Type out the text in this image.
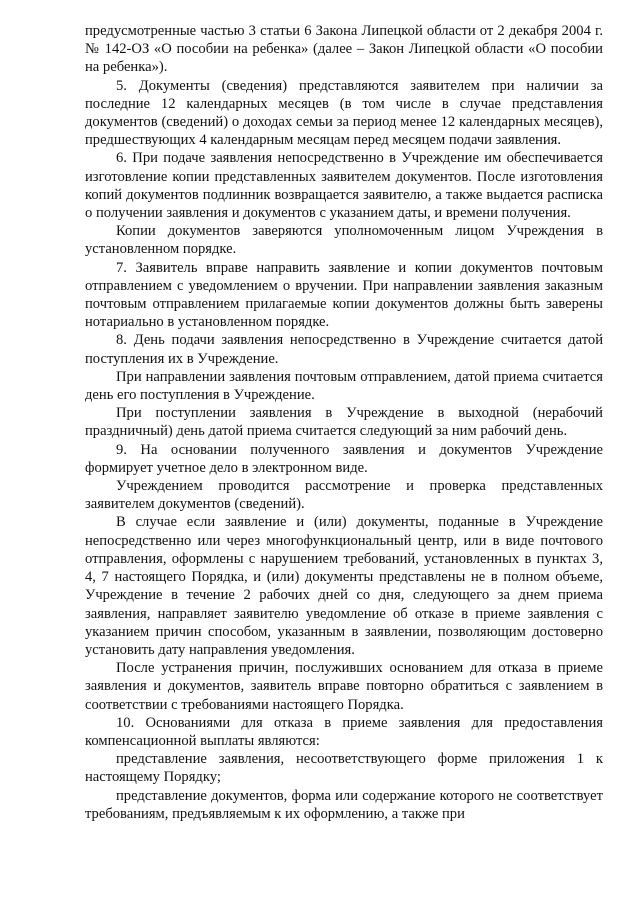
предусмотренные частью 3 статьи 6 Закона Липецкой области от 2 декабря 2004 г. № 142-ОЗ «О пособии на ребенка» (далее – Закон Липецкой области «О пособии на ребенка»).

5. Документы (сведения) представляются заявителем при наличии за последние 12 календарных месяцев (в том числе в случае представления документов (сведений) о доходах семьи за период менее 12 календарных месяцев), предшествующих 4 календарным месяцам перед месяцем подачи заявления.

6. При подаче заявления непосредственно в Учреждение им обеспечивается изготовление копии представленных заявителем документов. После изготовления копий документов подлинник возвращается заявителю, а также выдается расписка о получении заявления и документов с указанием даты, и времени получения.

Копии документов заверяются уполномоченным лицом Учреждения в установленном порядке.

7. Заявитель вправе направить заявление и копии документов почтовым отправлением с уведомлением о вручении. При направлении заявления заказным почтовым отправлением прилагаемые копии документов должны быть заверены нотариально в установленном порядке.

8. День подачи заявления непосредственно в Учреждение считается датой поступления их в Учреждение.

При направлении заявления почтовым отправлением, датой приема считается день его поступления в Учреждение.

При поступлении заявления в Учреждение в выходной (нерабочий праздничный) день датой приема считается следующий за ним рабочий день.

9. На основании полученного заявления и документов Учреждение формирует учетное дело в электронном виде.

Учреждением проводится рассмотрение и проверка представленных заявителем документов (сведений).

В случае если заявление и (или) документы, поданные в Учреждение непосредственно или через многофункциональный центр, или в виде почтового отправления, оформлены с нарушением требований, установленных в пунктах 3, 4, 7 настоящего Порядка, и (или) документы представлены не в полном объеме, Учреждение в течение 2 рабочих дней со дня, следующего за днем приема заявления, направляет заявителю уведомление об отказе в приеме заявления с указанием причин способом, указанным в заявлении, позволяющим достоверно установить дату направления уведомления.

После устранения причин, послуживших основанием для отказа в приеме заявления и документов, заявитель вправе повторно обратиться с заявлением в соответствии с требованиями настоящего Порядка.

10. Основаниями для отказа в приеме заявления для предоставления компенсационной выплаты являются:

представление заявления, несоответствующего форме приложения 1 к настоящему Порядку;

представление документов, форма или содержание которого не соответствует требованиям, предъявляемым к их оформлению, а также при
